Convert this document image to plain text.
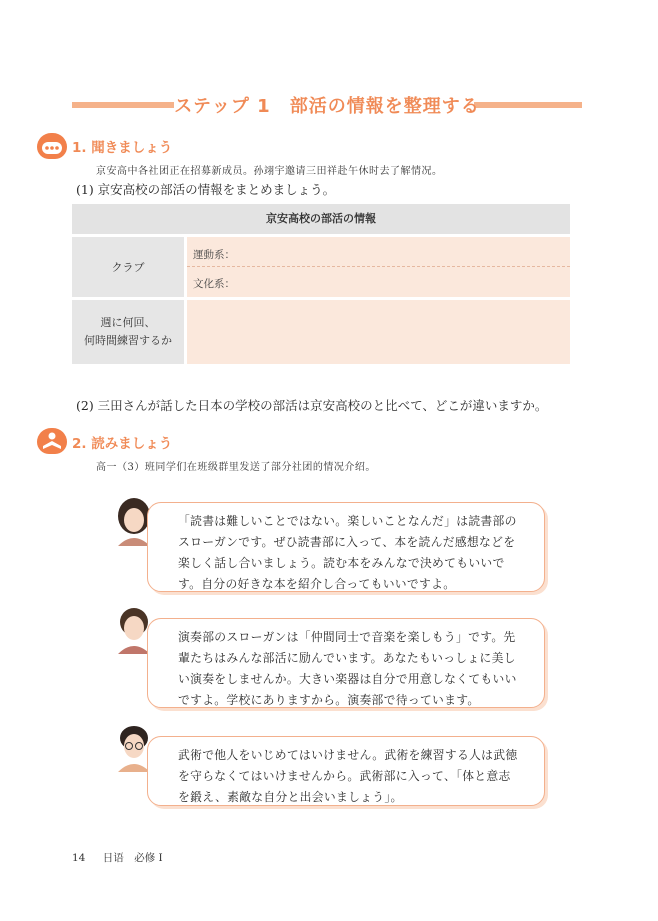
ステップ 1　部活の情報を整理する
1. 聞きましょう
京安高中各社团正在招募新成员。孙翊宇邀请三田祥赴午休时去了解情况。
(1) 京安高校の部活の情報をまとめましょう。
京安高校の部活の情報
クラブ
運動系：
文化系：
週に何回、
何時間練習するか
(2) 三田さんが話した日本の学校の部活は京安高校のと比べて、どこが違いますか。
2. 読みましょう
高一（3）班同学们在班级群里发送了部分社团的情况介绍。

「読書は難しいことではない。楽しいことなんだ」は読書部の
スローガンです。ぜひ読書部に入って、本を読んだ感想などを
楽しく話し合いましょう。読む本をみんなで決めてもいいで
す。自分の好きな本を紹介し合ってもいいですよ。

演奏部のスローガンは「仲間同士で音楽を楽しもう」です。先
輩たちはみんな部活に励んでいます。あなたもいっしょに美し
い演奏をしませんか。大きい楽器は自分で用意しなくてもいい
ですよ。学校にありますから。演奏部で待っています。

武術で他人をいじめてはいけません。武術を練習する人は武徳
を守らなくてはいけませんから。武術部に入って、「体と意志
を鍛え、素敵な自分と出会いましょう」。

14 日语　必修 Ⅰ
